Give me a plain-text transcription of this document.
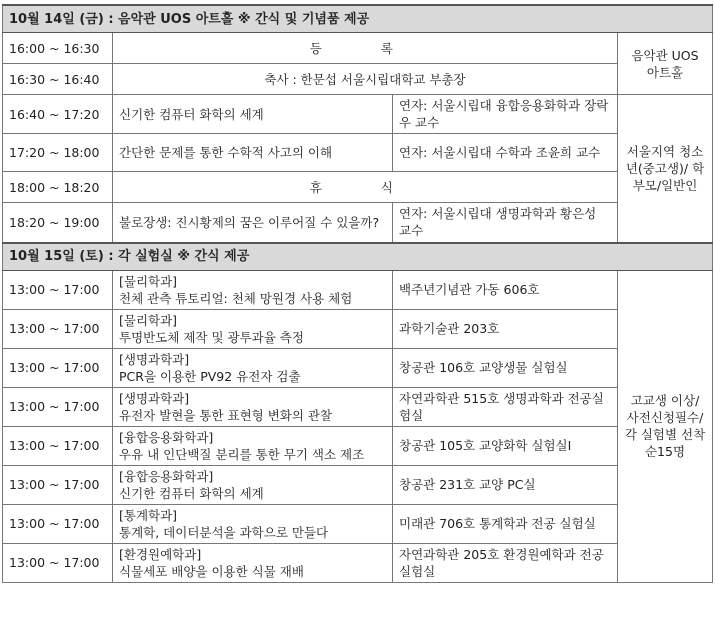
10월 14일 (금) : 음악관 UOS 아트홀 ※ 간식 및 기념품 제공			
16:00 ~ 16:30	등 록		음악관 UOS 아트홀
16:30 ~ 16:40	축사 : 한문섭 서울시립대학교 부총장		
16:40 ~ 17:20	신기한 컴퓨터 화학의 세계	연자: 서울시립대 융합응용화학과 장락우 교수	서울지역 청소년(중고생)/ 학부모/일반인
17:20 ~ 18:00	간단한 문제를 통한 수학적 사고의 이해	연자: 서울시립대 수학과 조윤희 교수	
18:00 ~ 18:20	휴 식		
18:20 ~ 19:00	불로장생: 진시황제의 꿈은 이루어질 수 있을까?	연자: 서울시립대 생명과학과 황은성 교수	
10월 15일 (토) : 각 실험실 ※ 간식 제공			
13:00 ~ 17:00	[물리학과]
천체 관측 튜토리얼: 천체 망원경 사용 체험	백주년기념관 가동 606호	고교생 이상/ 사전신청필수/ 각 실험별 선착순15명
13:00 ~ 17:00	[물리학과]
투명반도체 제작 및 광투과율 측정	과학기술관 203호	
13:00 ~ 17:00	[생명과학과]
PCR을 이용한 PV92 유전자 검출	창공관 106호 교양생물 실험실	
13:00 ~ 17:00	[생명과학과]
유전자 발현을 통한 표현형 변화의 관찰	자연과학관 515호 생명과학과 전공실험실	
13:00 ~ 17:00	[융합응용화학과]
우유 내 인단백질 분리를 통한 무기 색소 제조	창공관 105호 교양화학 실험실Ⅰ	
13:00 ~ 17:00	[융합응용화학과]
신기한 컴퓨터 화학의 세계	창공관 231호 교양 PC실	
13:00 ~ 17:00	[통계학과]
통계학, 데이터분석을 과학으로 만들다	미래관 706호 통계학과 전공 실험실	
13:00 ~ 17:00	[환경원예학과]
식물세포 배양을 이용한 식물 재배	자연과학관 205호 환경원예학과 전공실험실	
